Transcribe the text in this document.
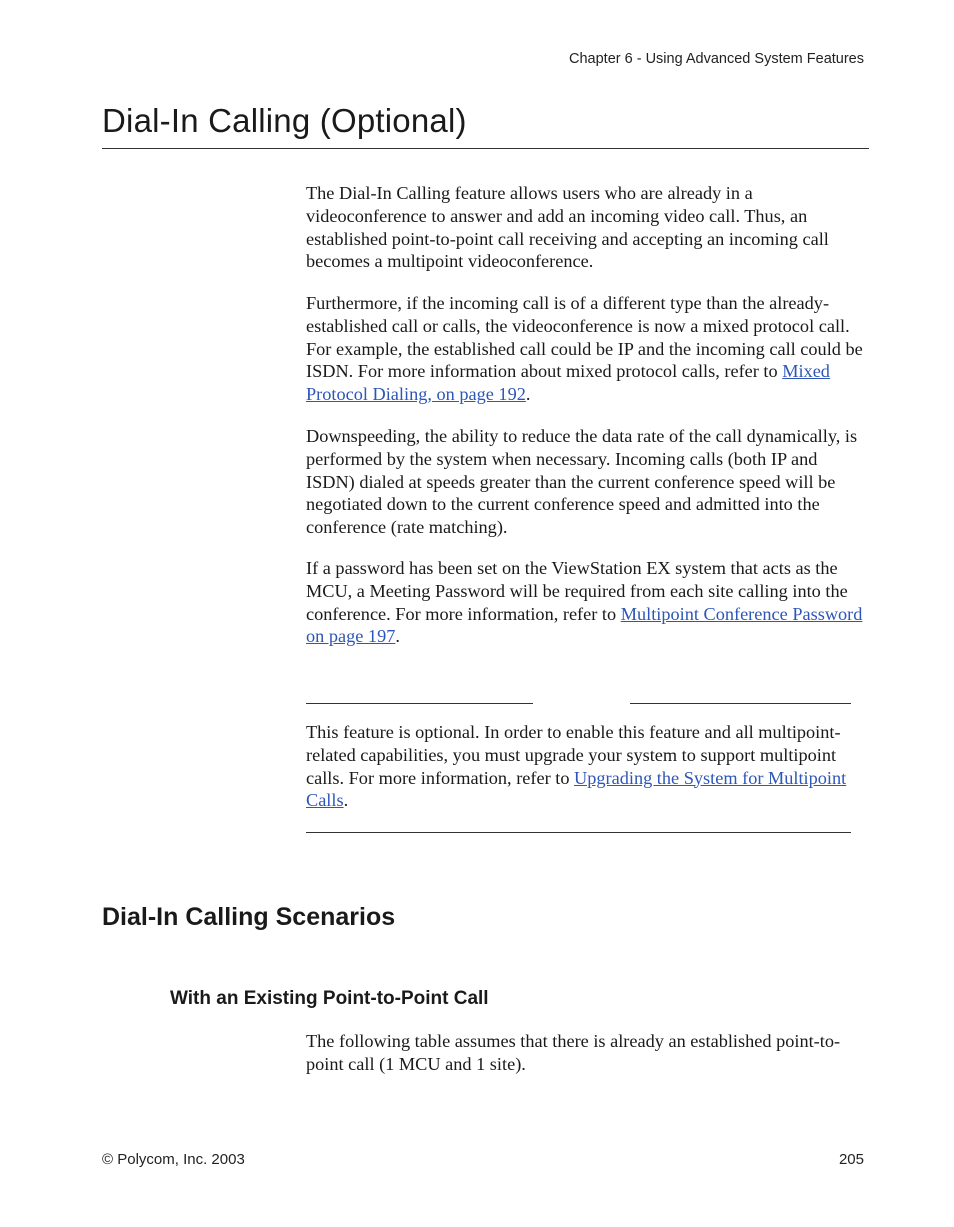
Chapter 6 - Using Advanced System Features
Dial-In Calling (Optional)

The Dial-In Calling feature allows users who are already in a videoconference to answer and add an incoming video call. Thus, an established point-to-point call receiving and accepting an incoming call becomes a multipoint videoconference.

Furthermore, if the incoming call is of a different type than the already-established call or calls, the videoconference is now a mixed protocol call. For example, the established call could be IP and the incoming call could be ISDN. For more information about mixed protocol calls, refer to Mixed Protocol Dialing, on page 192.

Downspeeding, the ability to reduce the data rate of the call dynamically, is performed by the system when necessary. Incoming calls (both IP and ISDN) dialed at speeds greater than the current conference speed will be negotiated down to the current conference speed and admitted into the conference (rate matching).

If a password has been set on the ViewStation EX system that acts as the MCU, a Meeting Password will be required from each site calling into the conference. For more information, refer to Multipoint Conference Password on page 197.

This feature is optional. In order to enable this feature and all multipoint-related capabilities, you must upgrade your system to support multipoint calls. For more information, refer to Upgrading the System for Multipoint Calls.

Dial-In Calling Scenarios
With an Existing Point-to-Point Call

The following table assumes that there is already an established point-to-point call (1 MCU and 1 site).

© Polycom, Inc. 2003	205
